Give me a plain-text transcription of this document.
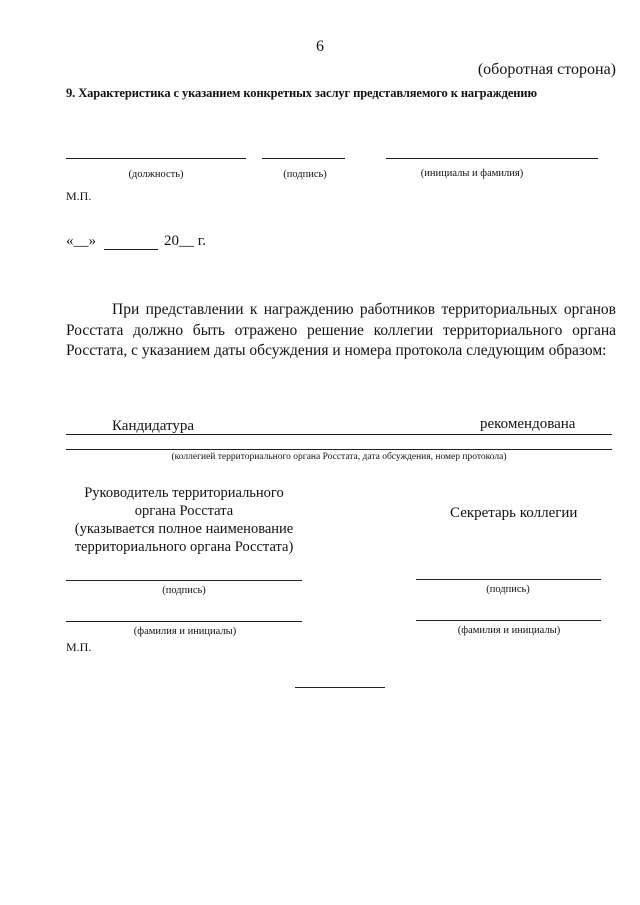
6
(оборотная сторона)
9. Характеристика с указанием конкретных заслуг представляемого к награждению
(должность)	(подпись)	(инициалы и фамилия)
М.П.
«__»	20__ г.
При представлении к награждению работников территориальных органов Росстата должно быть отражено решение коллегии территориального органа Росстата, с указанием даты обсуждения и номера протокола следующим образом:
Кандидатура	рекомендована
(коллегией территориального органа Росстата, дата обсуждения, номер протокола)
Руководитель территориального
органа Росстата
(указывается полное наименование
территориального органа Росстата)
Секретарь коллегии
(подпись)	(подпись)
(фамилия и инициалы)	(фамилия и инициалы)
М.П.
